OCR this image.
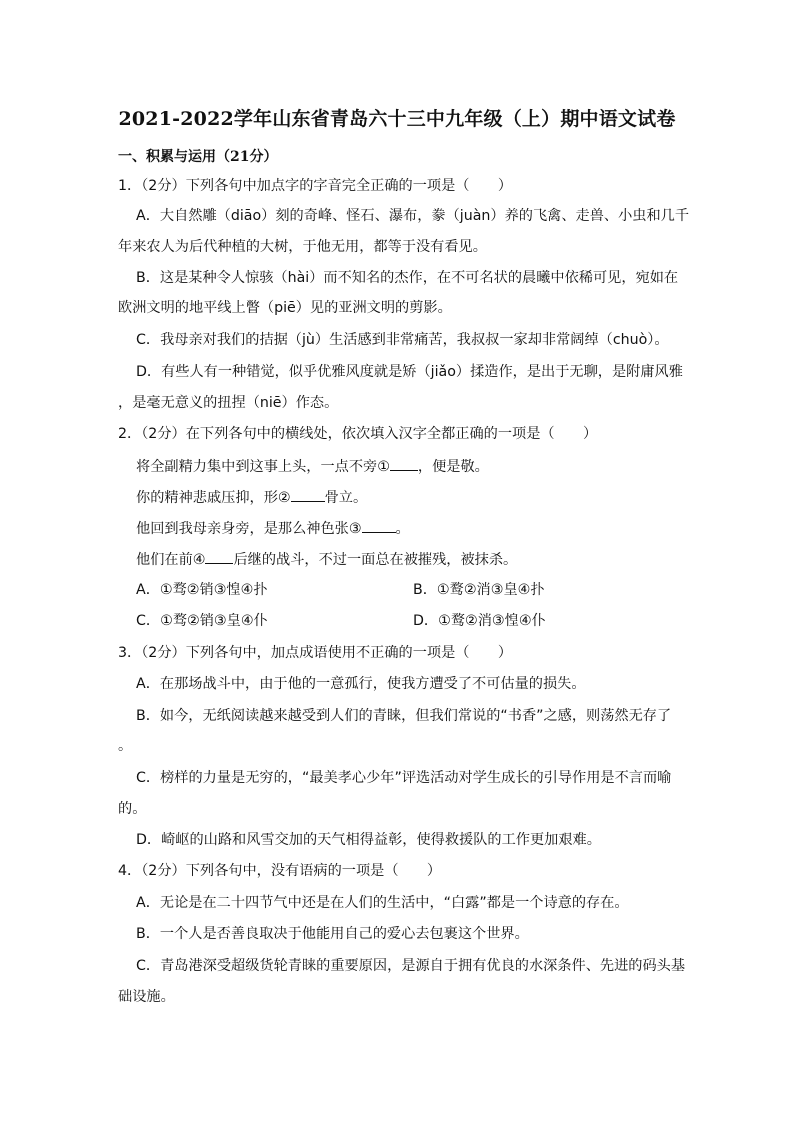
2021-2022学年山东省青岛六十三中九年级（上）期中语文试卷
一、积累与运用（21分）
1．（2分）下列各句中加点字的字音完全正确的一项是（　　）
A．大自然雕（diāo）刻的奇峰、怪石、瀑布，豢（juàn）养的飞禽、走兽、小虫和几千
年来农人为后代种植的大树，于他无用，都等于没有看见。
B．这是某种令人惊骇（hài）而不知名的杰作，在不可名状的晨曦中依稀可见，宛如在
欧洲文明的地平线上瞥（piē）见的亚洲文明的剪影。
C．我母亲对我们的拮据（jù）生活感到非常痛苦，我叔叔一家却非常阔绰（chuò）。
D．有些人有一种错觉，似乎优雅风度就是矫（jiǎo）揉造作，是出于无聊，是附庸风雅
，是毫无意义的扭捏（niē）作态。
2．（2分）在下列各句中的横线处，依次填入汉字全都正确的一项是（　　）
将全副精力集中到这事上头，一点不旁① ，便是敬。
你的精神悲戚压抑，形② 骨立。
他回到我母亲身旁，是那么神色张③ 。
他们在前④ 后继的战斗，不过一面总在被摧残，被抹杀。
A．①骛②销③惶④扑	B．①鹜②消③皇④扑
C．①骛②销③皇④仆	D．①鹜②消③惶④仆
3．（2分）下列各句中，加点成语使用不正确的一项是（　　）
A．在那场战斗中，由于他的一意孤行，使我方遭受了不可估量的损失。
B．如今，无纸阅读越来越受到人们的青睐，但我们常说的“书香”之感，则荡然无存了
。
C．榜样的力量是无穷的，“最美孝心少年”评选活动对学生成长的引导作用是不言而喻
的。
D．崎岖的山路和风雪交加的天气相得益彰，使得救援队的工作更加艰难。
4．（2分）下列各句中，没有语病的一项是（　　）
A．无论是在二十四节气中还是在人们的生活中，“白露”都是一个诗意的存在。
B．一个人是否善良取决于他能用自己的爱心去包裹这个世界。
C．青岛港深受超级货轮青睐的重要原因，是源自于拥有优良的水深条件、先进的码头基
础设施。
